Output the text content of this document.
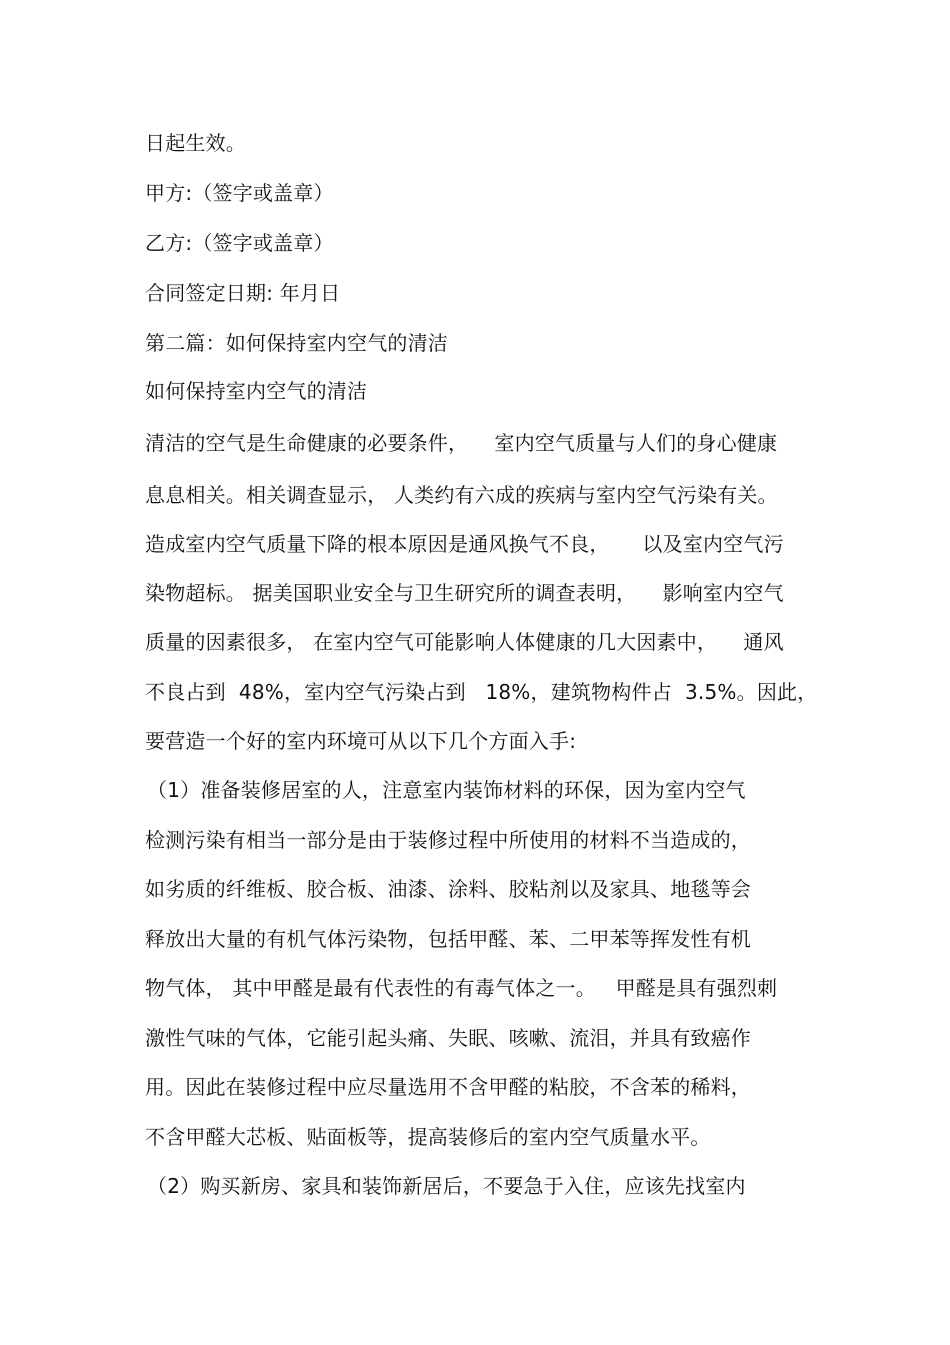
日起生效。
甲方:（签字或盖章）
乙方:（签字或盖章）
合同签定日期: 年月日
第二篇：如何保持室内空气的清洁
如何保持室内空气的清洁
清洁的空气是生命健康的必要条件，    室内空气质量与人们的身心健康
息息相关。相关调查显示， 人类约有六成的疾病与室内空气污染有关。
造成室内空气质量下降的根本原因是通风换气不良，     以及室内空气污
染物超标。 据美国职业安全与卫生研究所的调查表明，    影响室内空气
质量的因素很多， 在室内空气可能影响人体健康的几大因素中，    通风
不良占到  48%，室内空气污染占到   18%，建筑物构件占  3.5%。因此，
要营造一个好的室内环境可从以下几个方面入手:
（1）准备装修居室的人，注意室内装饰材料的环保，因为室内空气
检测污染有相当一部分是由于装修过程中所使用的材料不当造成的，
如劣质的纤维板、胶合板、油漆、涂料、胶粘剂以及家具、地毯等会
释放出大量的有机气体污染物，包括甲醛、苯、二甲苯等挥发性有机
物气体， 其中甲醛是最有代表性的有毒气体之一。   甲醛是具有强烈刺
激性气味的气体，它能引起头痛、失眠、咳嗽、流泪，并具有致癌作
用。因此在装修过程中应尽量选用不含甲醛的粘胶，不含苯的稀料，
不含甲醛大芯板、贴面板等，提高装修后的室内空气质量水平。
（2）购买新房、家具和装饰新居后，不要急于入住，应该先找室内
